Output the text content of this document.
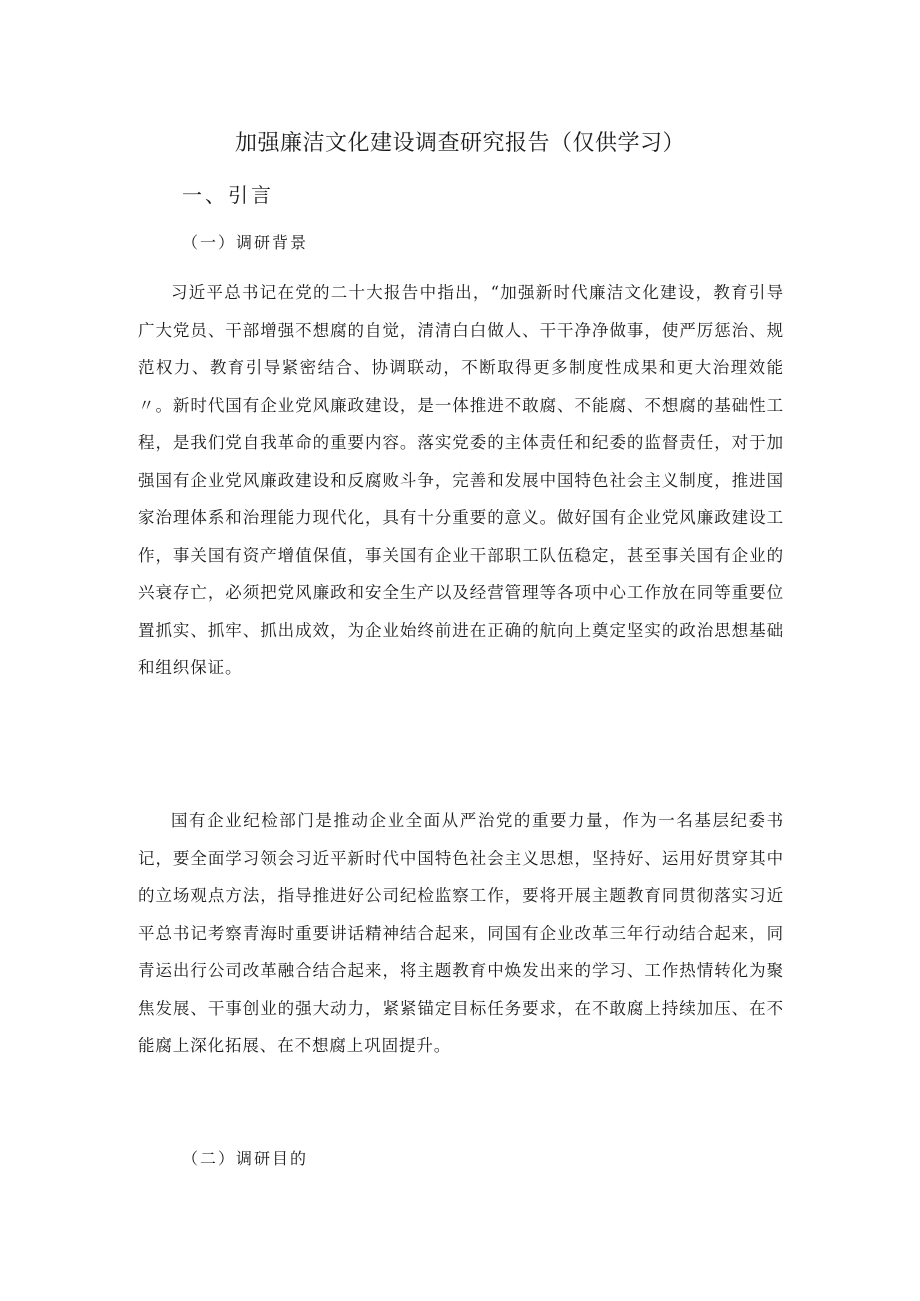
加强廉洁文化建设调查研究报告（仅供学习）
一、引言
（一）调研背景

习近平总书记在党的二十大报告中指出，“加强新时代廉洁文化建设，教育引导广大党员、干部增强不想腐的自觉，清清白白做人、干干净净做事，使严厉惩治、规范权力、教育引导紧密结合、协调联动，不断取得更多制度性成果和更大治理效能〃。新时代国有企业党风廉政建设，是一体推进不敢腐、不能腐、不想腐的基础性工程，是我们党自我革命的重要内容。落实党委的主体责任和纪委的监督责任，对于加强国有企业党风廉政建设和反腐败斗争，完善和发展中国特色社会主义制度，推进国家治理体系和治理能力现代化，具有十分重要的意义。做好国有企业党风廉政建设工作，事关国有资产增值保值，事关国有企业干部职工队伍稳定，甚至事关国有企业的兴衰存亡，必须把党风廉政和安全生产以及经营管理等各项中心工作放在同等重要位置抓实、抓牢、抓出成效，为企业始终前进在正确的航向上奠定坚实的政治思想基础和组织保证。

国有企业纪检部门是推动企业全面从严治党的重要力量，作为一名基层纪委书记，要全面学习领会习近平新时代中国特色社会主义思想，坚持好、运用好贯穿其中的立场观点方法，指导推进好公司纪检监察工作，要将开展主题教育同贯彻落实习近平总书记考察青海时重要讲话精神结合起来，同国有企业改革三年行动结合起来，同青运出行公司改革融合结合起来，将主题教育中焕发出来的学习、工作热情转化为聚焦发展、干事创业的强大动力，紧紧锚定目标任务要求，在不敢腐上持续加压、在不能腐上深化拓展、在不想腐上巩固提升。

（二）调研目的
